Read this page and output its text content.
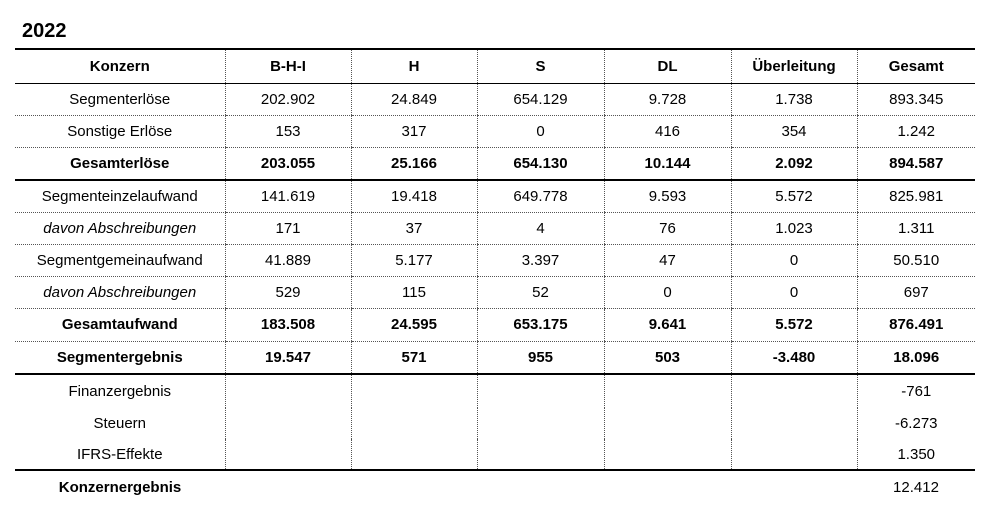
2022
Konzern	B-H-I	H	S	DL	Überleitung	Gesamt
Segmenterlöse	202.902	24.849	654.129	9.728	1.738	893.345
Sonstige Erlöse	153	317	0	416	354	1.242
Gesamterlöse	203.055	25.166	654.130	10.144	2.092	894.587
Segmenteinzelaufwand	141.619	19.418	649.778	9.593	5.572	825.981
davon Abschreibungen	171	37	4	76	1.023	1.311
Segmentgemeinaufwand	41.889	5.177	3.397	47	0	50.510
davon Abschreibungen	529	115	52	0	0	697
Gesamtaufwand	183.508	24.595	653.175	9.641	5.572	876.491
Segmentergebnis	19.547	571	955	503	-3.480	18.096
Finanzergebnis						-761
Steuern						-6.273
IFRS-Effekte						1.350
Konzernergebnis						12.412
